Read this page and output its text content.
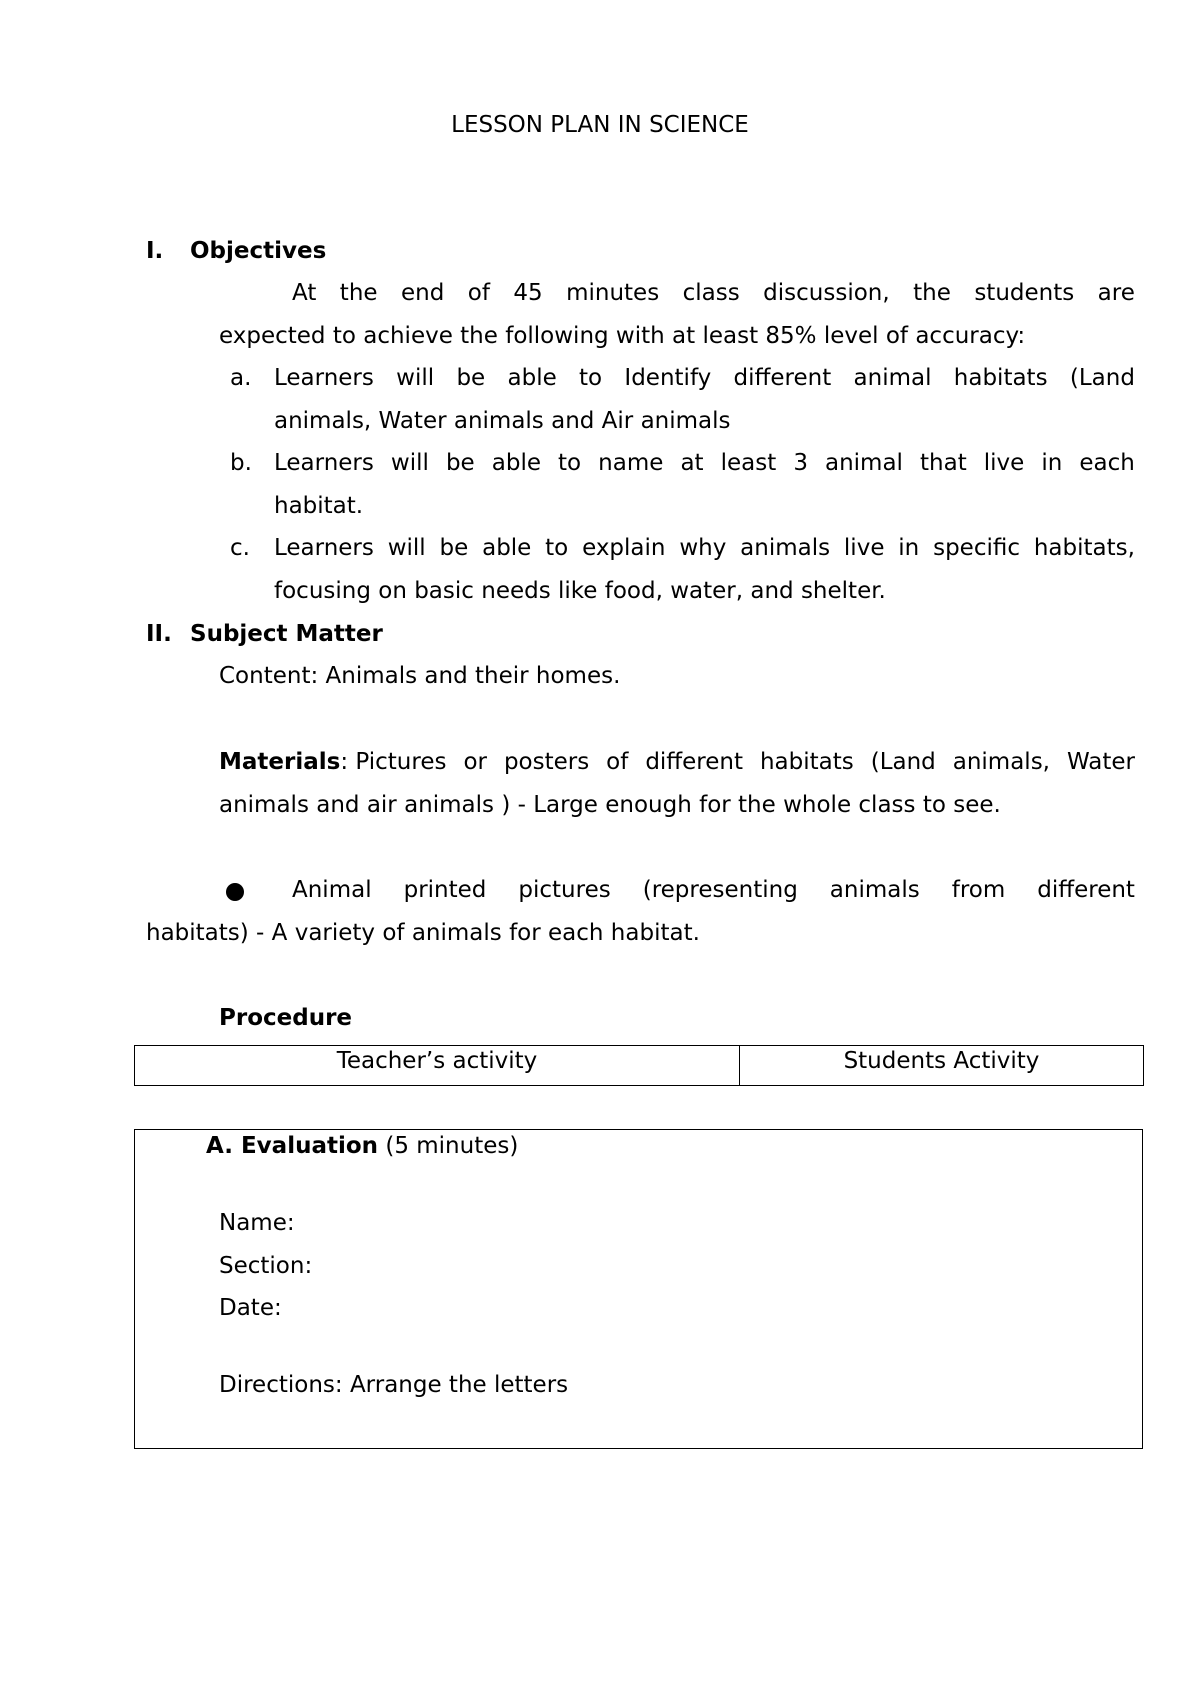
LESSON PLAN IN SCIENCE
I. Objectives
At the end of 45 minutes class discussion, the students are
expected to achieve the following with at least 85% level of accuracy:
a. Learners will be able to Identify different animal habitats (Land
animals, Water animals and Air animals
b. Learners will be able to name at least 3 animal that live in each
habitat.
c. Learners will be able to explain why animals live in specific habitats,
focusing on basic needs like food, water, and shelter.
II. Subject Matter
Content: Animals and their homes.
Materials: Pictures or posters of different habitats (Land animals, Water
animals and air animals ) - Large enough for the whole class to see.
Animal printed pictures (representing animals from different
habitats) - A variety of animals for each habitat.
Procedure
Teacher’s activity	Students Activity
A. Evaluation (5 minutes)
Name:
Section:
Date:
Directions: Arrange the letters
